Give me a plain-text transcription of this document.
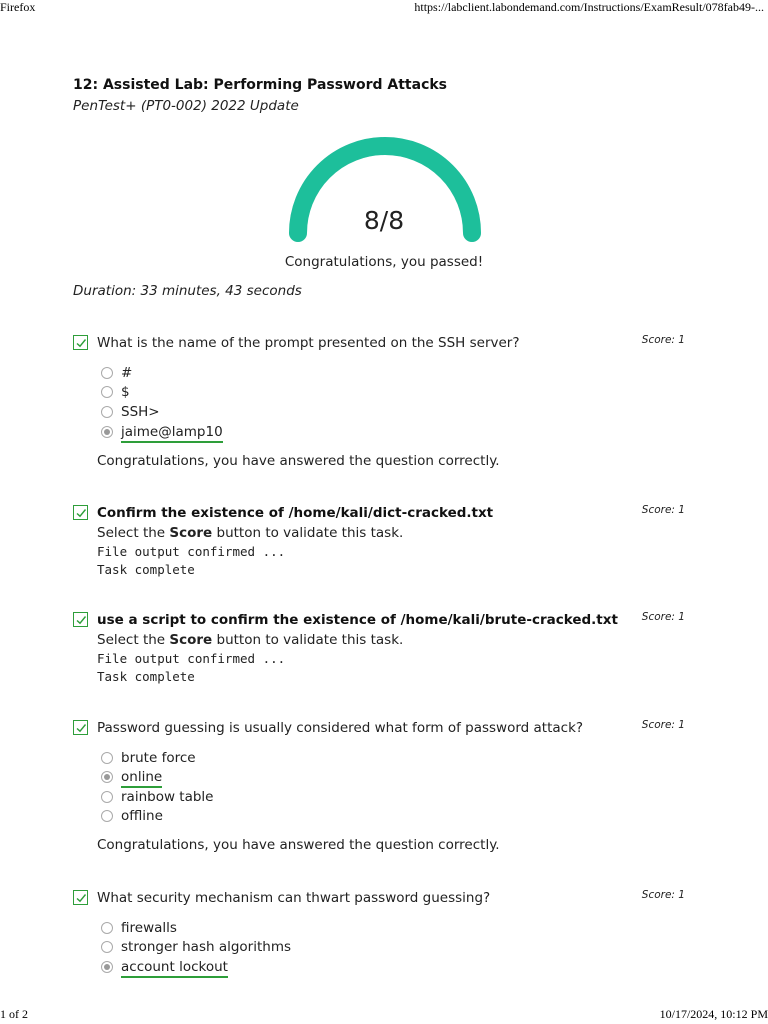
Firefox	https://labclient.labondemand.com/Instructions/ExamResult/078fab49-...
1 of 2	10/17/2024, 10:12 PM
12: Assisted Lab: Performing Password Attacks
PenTest+ (PT0-002) 2022 Update
8/8
Congratulations, you passed!
Duration: 33 minutes, 43 seconds
What is the name of the prompt presented on the SSH server?	Score: 1
#
$
SSH>
jaime@lamp10
Congratulations, you have answered the question correctly.
Confirm the existence of /home/kali/dict-cracked.txt	Score: 1
Select the Score button to validate this task.
File output confirmed ...
Task complete
use a script to confirm the existence of /home/kali/brute-cracked.txt Score: 1
Select the Score button to validate this task.
File output confirmed ...
Task complete
Password guessing is usually considered what form of password attack?	Score: 1
brute force
online
rainbow table
offline
Congratulations, you have answered the question correctly.
What security mechanism can thwart password guessing?	Score: 1
firewalls
stronger hash algorithms
account lockout
